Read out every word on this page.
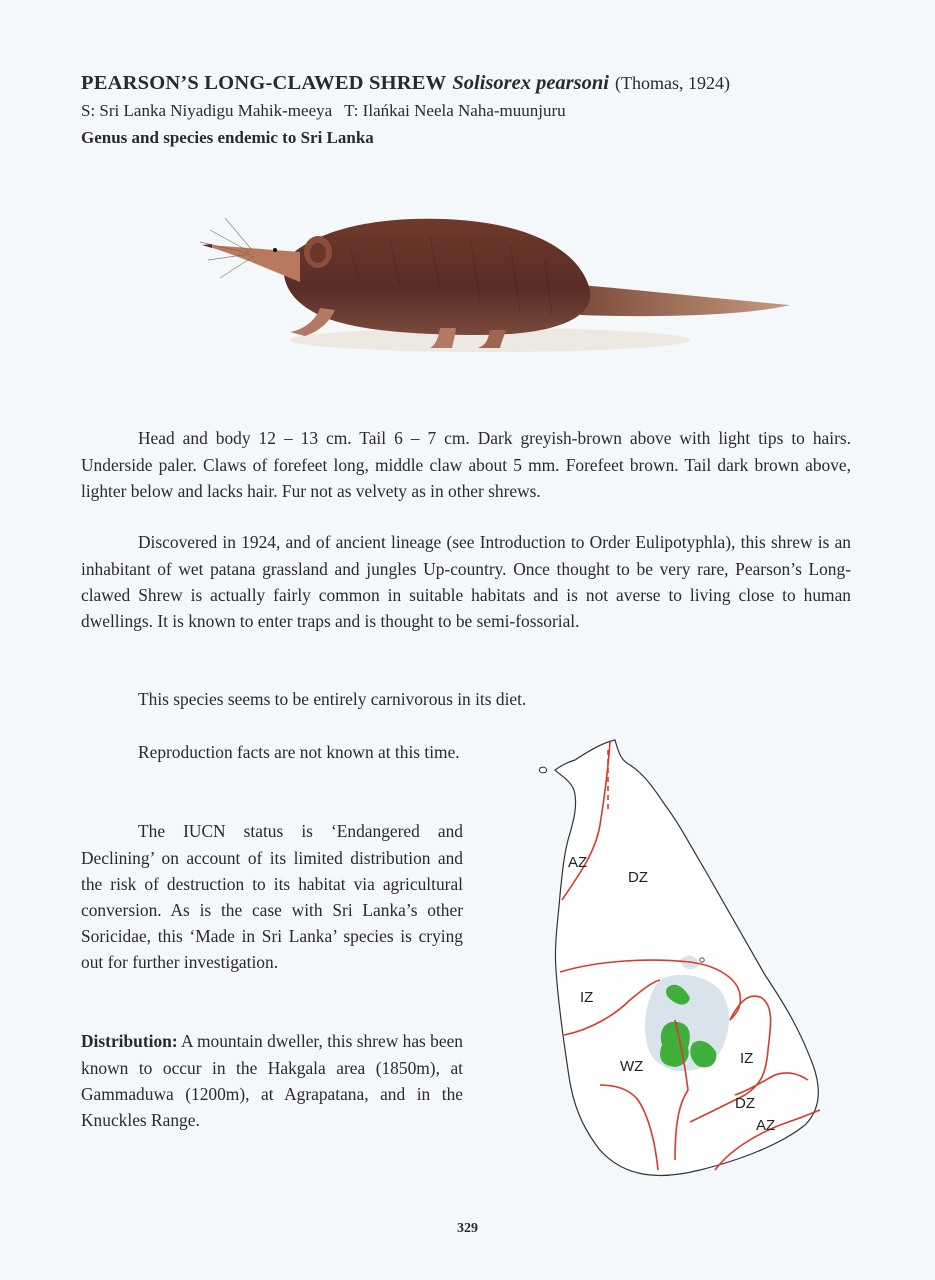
PEARSON’S LONG-CLAWED SHREW Solisorex pearsoni (Thomas, 1924)
S: Sri Lanka Niyadigu Mahik-meeya T: Ilańkai Neela Naha-muunjuru
Genus and species endemic to Sri Lanka

Head and body 12 – 13 cm. Tail 6 – 7 cm. Dark greyish-brown above with light tips to hairs. Underside paler. Claws of forefeet long, middle claw about 5 mm. Forefeet brown. Tail dark brown above, lighter below and lacks hair. Fur not as velvety as in other shrews.

Discovered in 1924, and of ancient lineage (see Introduction to Order Eulipotyphla), this shrew is an inhabitant of wet patana grassland and jungles Up-country. Once thought to be very rare, Pearson’s Long-clawed Shrew is actually fairly common in suitable habitats and is not averse to living close to human dwellings. It is known to enter traps and is thought to be semi-fossorial.

This species seems to be entirely carnivorous in its diet.

Reproduction facts are not known at this time.

The IUCN status is ‘Endangered and Declining’ on account of its limited distribution and the risk of destruction to its habitat via agricultural conversion. As is the case with Sri Lanka’s other Soricidae, this ‘Made in Sri Lanka’ species is crying out for further investigation.

Distribution: A mountain dweller, this shrew has been known to occur in the Hakgala area (1850m), at Gammaduwa (1200m), at Agrapatana, and in the Knuckles Range.

AZ
DZ
IZ
WZ	IZ
DZ
AZ
329
